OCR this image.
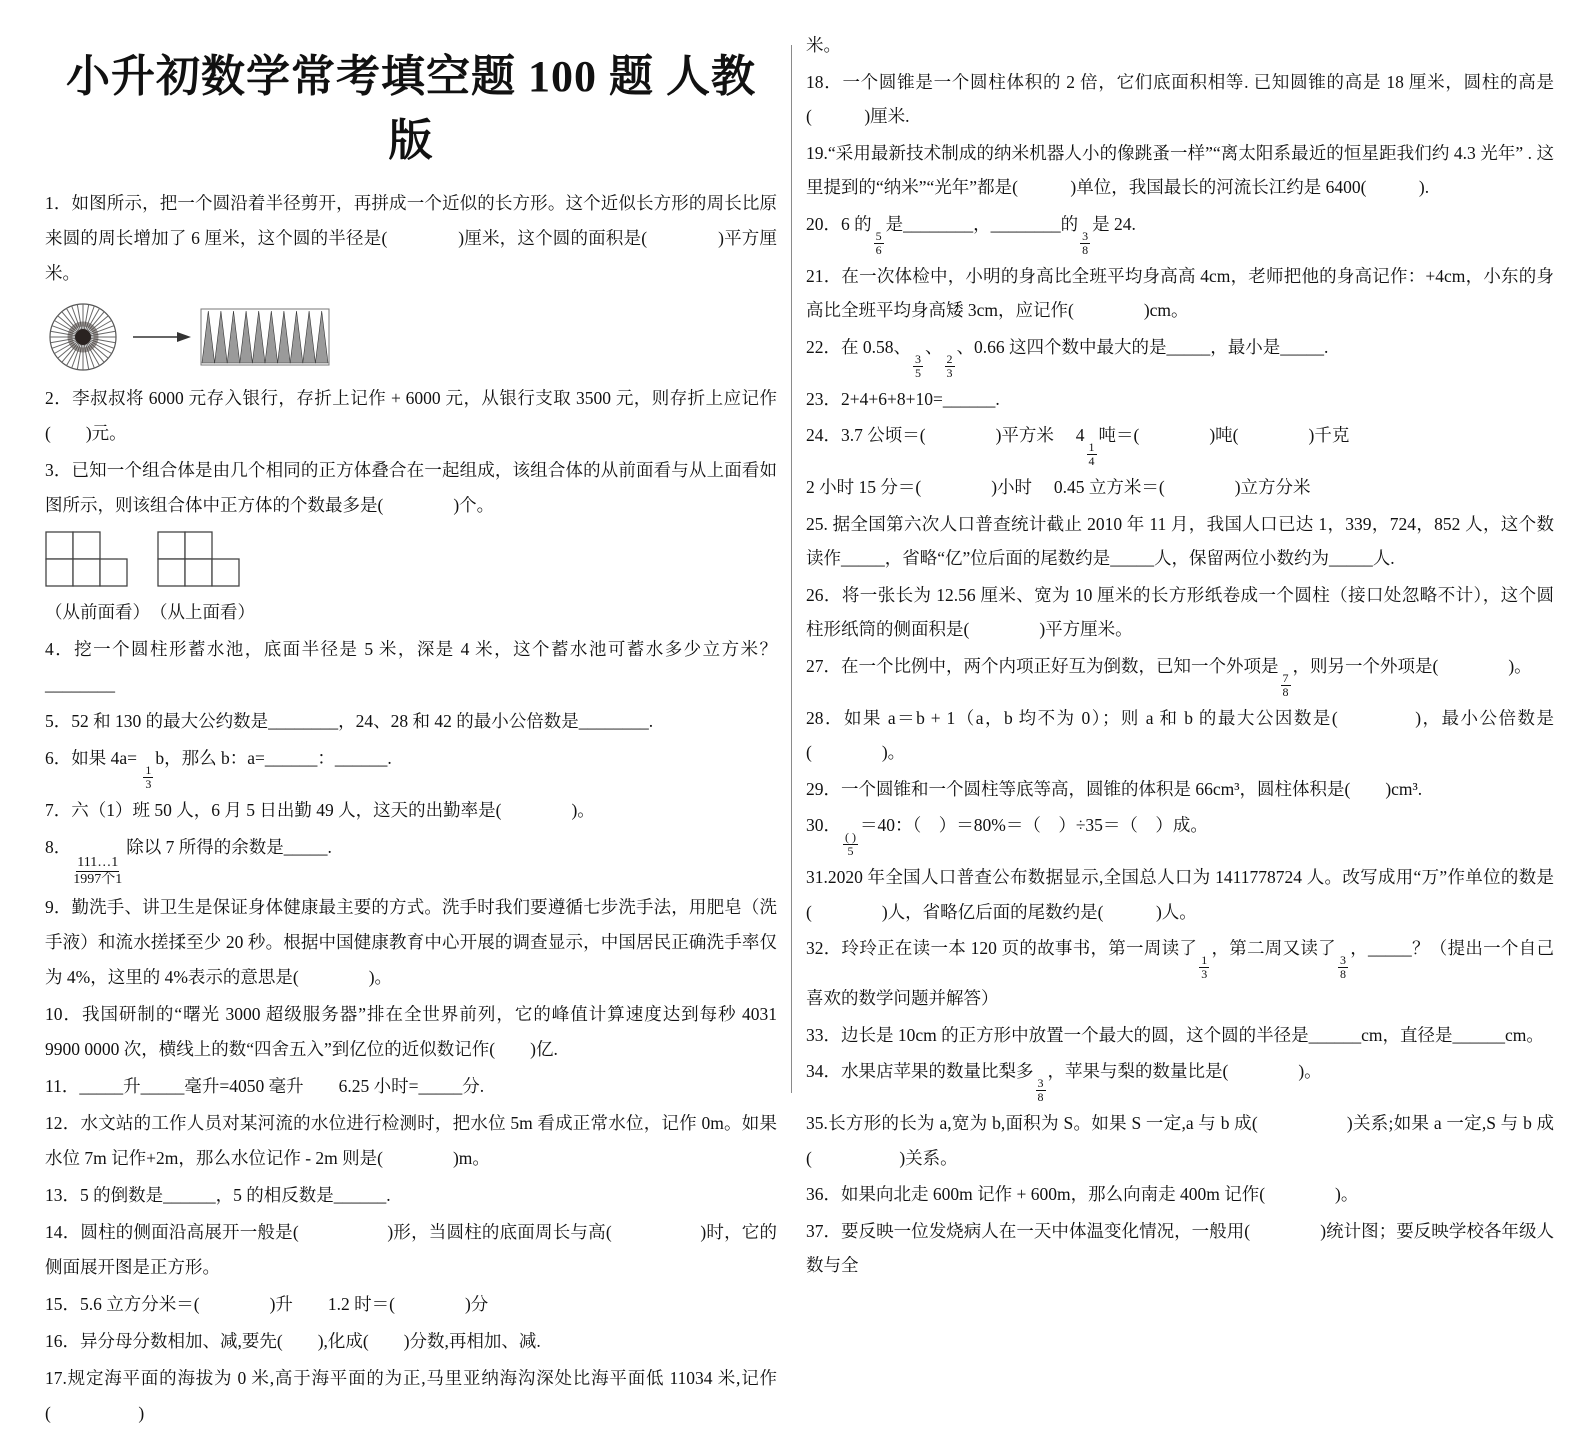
小升初数学常考填空题 100 题 人教版
1．如图所示，把一个圆沿着半径剪开，再拼成一个近似的长方形。这个近似长方形的周长比原来圆的周长增加了 6 厘米，这个圆的半径是(　　　　)厘米，这个圆的面积是(　　　　)平方厘米。
2．李叔叔将 6000 元存入银行，存折上记作 + 6000 元，从银行支取 3500 元，则存折上应记作(　　)元。
3．已知一个组合体是由几个相同的正方体叠合在一起组成，该组合体的从前面看与从上面看如图所示，则该组合体中正方体的个数最多是(　　　　)个。
（从前面看）　（从上面看）
4．挖一个圆柱形蓄水池，底面半径是 5 米，深是 4 米，这个蓄水池可蓄水多少立方米？________
5．52 和 130 的最大公约数是________，24、28 和 42 的最小公倍数是________.
6．如果 4a=
$\frac{1}{3}$
b，那么 b：a=______：______.
7．六（1）班 50 人，6 月 5 日出勤 49 人，这天的出勤率是(　　　　)。
8．
111…1
1997个1
除以 7 所得的余数是_____.
9．勤洗手、讲卫生是保证身体健康最主要的方式。洗手时我们要遵循七步洗手法，用肥皂（洗手液）和流水搓揉至少 20 秒。根据中国健康教育中心开展的调查显示，中国居民正确洗手率仅为 4%，这里的 4%表示的意思是(　　　　)。
10．我国研制的“曙光 3000 超级服务器”排在全世界前列，它的峰值计算速度达到每秒 4031 9900 0000 次，横线上的数“四舍五入”到亿位的近似数记作(　　)亿.
11．_____升_____毫升=4050 毫升　　6.25 小时=_____分.
12．水文站的工作人员对某河流的水位进行检测时，把水位 5m 看成正常水位，记作 0m。如果水位 7m 记作+2m，那么水位记作 - 2m 则是(　　　　)m。
13．5 的倒数是______，5 的相反数是______.
14．圆柱的侧面沿高展开一般是(　　　　　)形，当圆柱的底面周长与高(　　　　　)时，它的侧面展开图是正方形。
15．5.6 立方分米＝(　　　　)升　　1.2 时＝(　　　　)分
16．异分母分数相加、减,要先(　　),化成(　　)分数,再相加、减.
17.规定海平面的海拔为 0 米,高于海平面的为正,马里亚纳海沟深处比海平面低 11034 米,记作(　　　　　)
米。
18．一个圆锥是一个圆柱体积的 2 倍，它们底面积相等. 已知圆锥的高是 18 厘米，圆柱的高是(　　　)厘米.
19.“采用最新技术制成的纳米机器人小的像跳蚤一样”“离太阳系最近的恒星距我们约 4.3 光年” . 这里提到的“纳米”“光年”都是(　　　)单位，我国最长的河流长江约是 6400(　　　).
20．6 的
$\frac{5}{6}$
是________，________的
$\frac{3}{8}$
是 24.
21．在一次体检中，小明的身高比全班平均身高高 4cm，老师把他的身高记作：+4cm，小东的身高比全班平均身高矮 3cm，应记作(　　　　)cm。
22．在 0.58、
$\frac{3}{5}$
、
$\frac{2}{3}$
、0.66 这四个数中最大的是_____，最小是_____.
23．2+4+6+8+10=______.
24．3.7 公顷＝(　　　　)平方米　 4
$\frac{1}{4}$
吨＝(　　　　)吨(　　　　)千克
2 小时 15 分＝(　　　　)小时　 0.45 立方米＝(　　　　)立方分米
25. 据全国第六次人口普查统计截止 2010 年 11 月，我国人口已达 1，339，724，852 人，这个数读作_____，省略“亿”位后面的尾数约是_____人，保留两位小数约为_____人.
26．将一张长为 12.56 厘米、宽为 10 厘米的长方形纸卷成一个圆柱（接口处忽略不计），这个圆柱形纸筒的侧面积是(　　　　)平方厘米。
27．在一个比例中，两个内项正好互为倒数，已知一个外项是
$\frac{7}{8}$
，则另一个外项是(　　　　)。
28．如果 a＝b + 1（a，b 均不为 0）；则 a 和 b 的最大公因数是(　　　　)，最小公倍数是(　　　　)。
29．一个圆锥和一个圆柱等底等高，圆锥的体积是 66cm³，圆柱体积是(　　)cm³.
30．
$\frac{( )}{5}$
＝40：（　）＝80%＝（　）÷35＝（　）成。
31.2020 年全国人口普查公布数据显示,全国总人口为 1411778724 人。改写成用“万”作单位的数是(　　　　)人，省略亿后面的尾数约是(　　　)人。
32．玲玲正在读一本 120 页的故事书，第一周读了
$\frac{1}{3}$
，第二周又读了
$\frac{3}{8}$
，_____？（提出一个自己喜欢的数学问题并解答）
33．边长是 10cm 的正方形中放置一个最大的圆，这个圆的半径是______cm，直径是______cm。
34．水果店苹果的数量比梨多
$\frac{3}{8}$
，苹果与梨的数量比是(　　　　)。
35.长方形的长为 a,宽为 b,面积为 S。如果 S 一定,a 与 b 成(　　　　　)关系;如果 a 一定,S 与 b 成(　　　　　)关系。
36．如果向北走 600m 记作 + 600m，那么向南走 400m 记作(　　　　)。
37．要反映一位发烧病人在一天中体温变化情况，一般用(　　　　)统计图；要反映学校各年级人数与全
